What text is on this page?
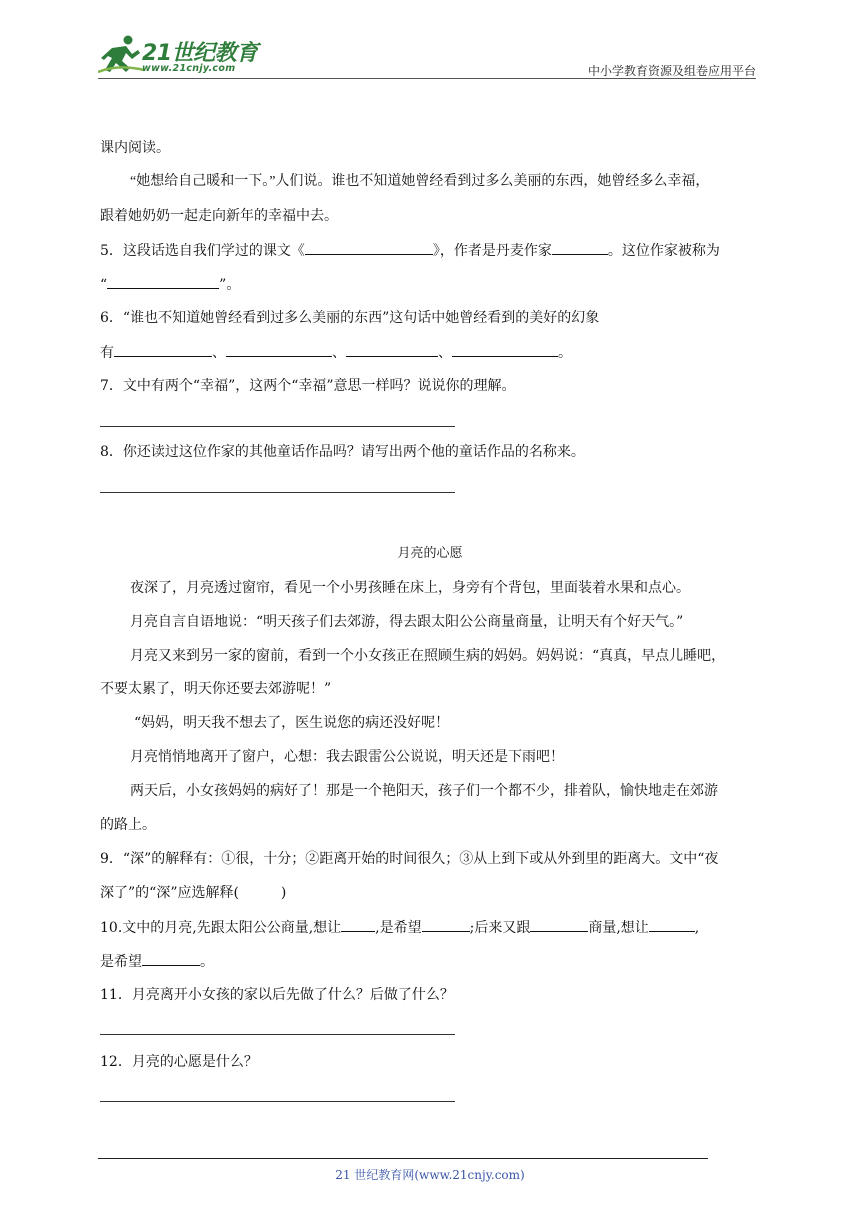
21世纪教育
www.21cnjy.com	中小学教育资源及组卷应用平台
课内阅读。
“她想给自己暖和一下。”人们说。谁也不知道她曾经看到过多么美丽的东西，她曾经多么幸福，
跟着她奶奶一起走向新年的幸福中去。
5．这段话选自我们学过的课文《	》，作者是丹麦作家	。这位作家被称为
“	”。
6．“谁也不知道她曾经看到过多么美丽的东西”这句话中她曾经看到的美好的幻象
有	、	、	、	。
7．文中有两个“幸福”，这两个“幸福”意思一样吗？说说你的理解。
8．你还读过这位作家的其他童话作品吗？请写出两个他的童话作品的名称来。
月亮的心愿
夜深了，月亮透过窗帘，看见一个小男孩睡在床上，身旁有个背包，里面装着水果和点心。
月亮自言自语地说：“明天孩子们去郊游，得去跟太阳公公商量商量，让明天有个好天气。”
月亮又来到另一家的窗前，看到一个小女孩正在照顾生病的妈妈。妈妈说：“真真，早点儿睡吧，
不要太累了，明天你还要去郊游呢！”
“妈妈，明天我不想去了，医生说您的病还没好呢！
月亮悄悄地离开了窗户，心想：我去跟雷公公说说，明天还是下雨吧！
两天后，小女孩妈妈的病好了！那是一个艳阳天，孩子们一个都不少，排着队，愉快地走在郊游
的路上。
9．“深”的解释有：①很，十分；②距离开始的时间很久；③从上到下或从外到里的距离大。文中“夜
深了”的“深”应选解释(　　　)
10.文中的月亮,先跟太阳公公商量,想让 ,是希望	;后来又跟	商量,想让	,
是希望	。
11．月亮离开小女孩的家以后先做了什么？后做了什么？
12．月亮的心愿是什么？
21 世纪教育网(www.21cnjy.com)
